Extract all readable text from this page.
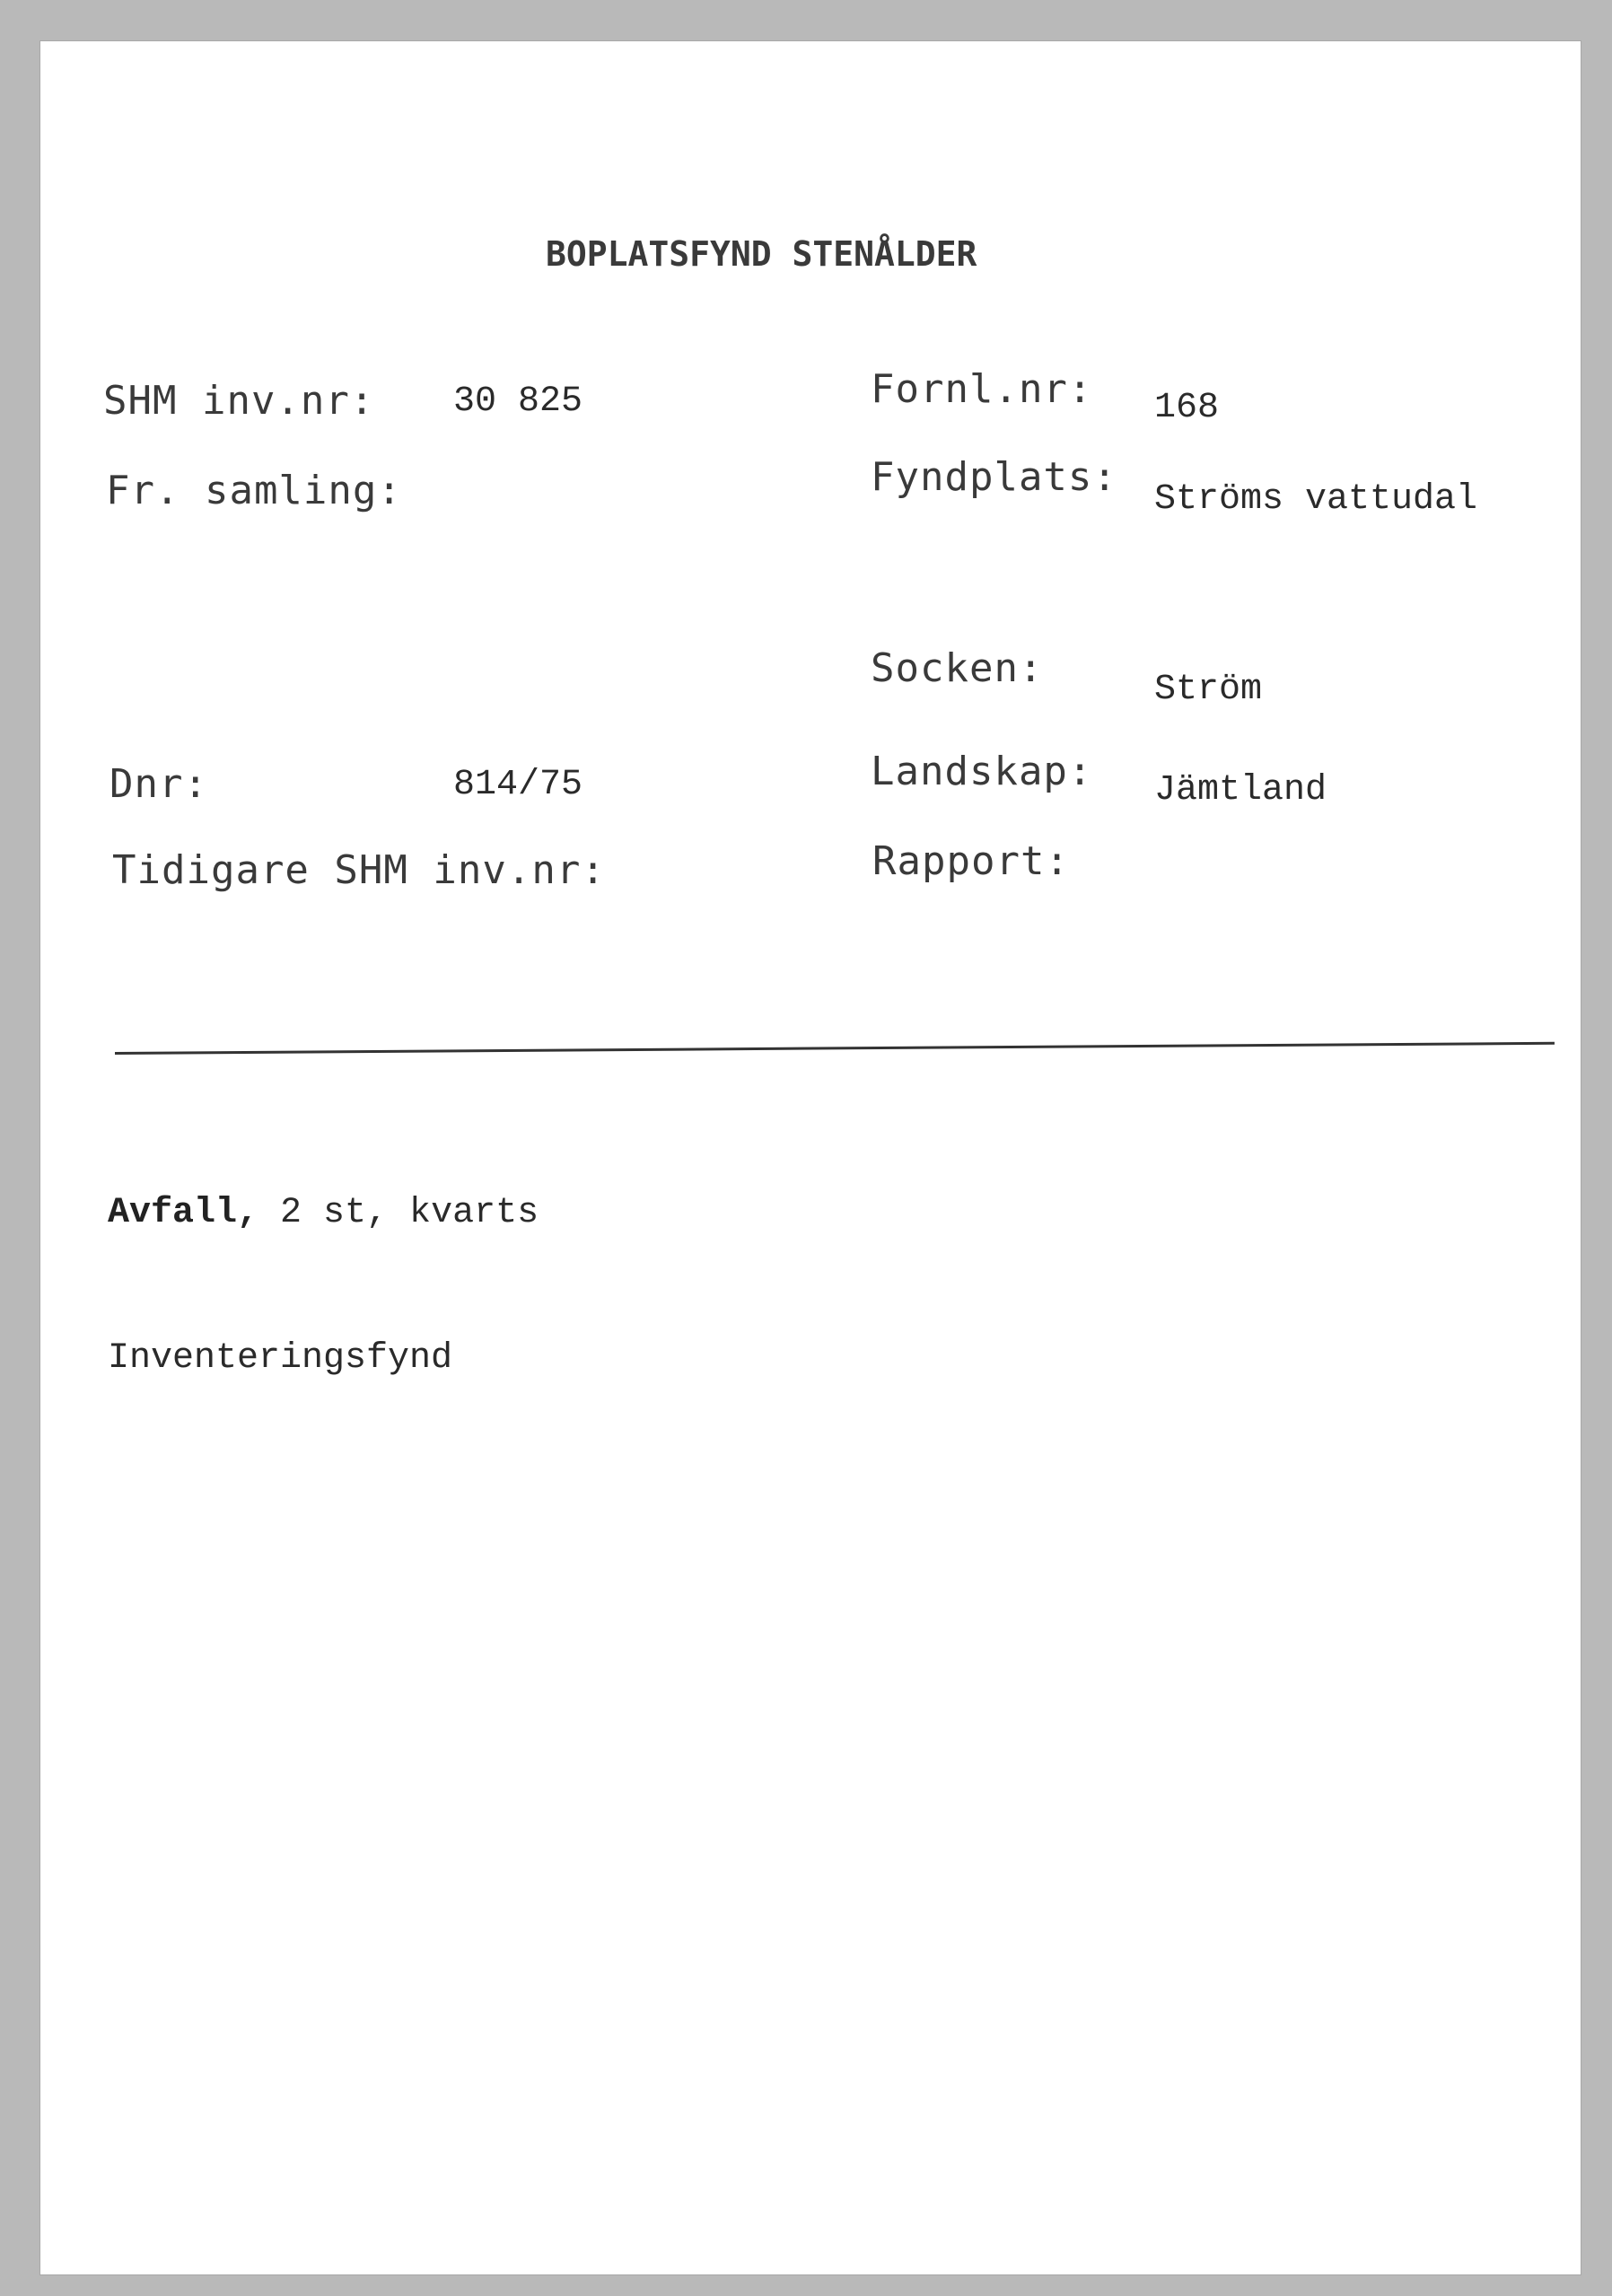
BOPLATSFYND STENÅLDER
SHM inv.nr: 30 825
Fr. samling:
Fornl.nr: 168
Fyndplats: Ströms vattudal
Socken:	Ström
Dnr:	814/75	Landskap: Jämtland
Tidigare SHM inv.nr:	Rapport:
Avfall, 2 st, kvarts
Inventeringsfynd
